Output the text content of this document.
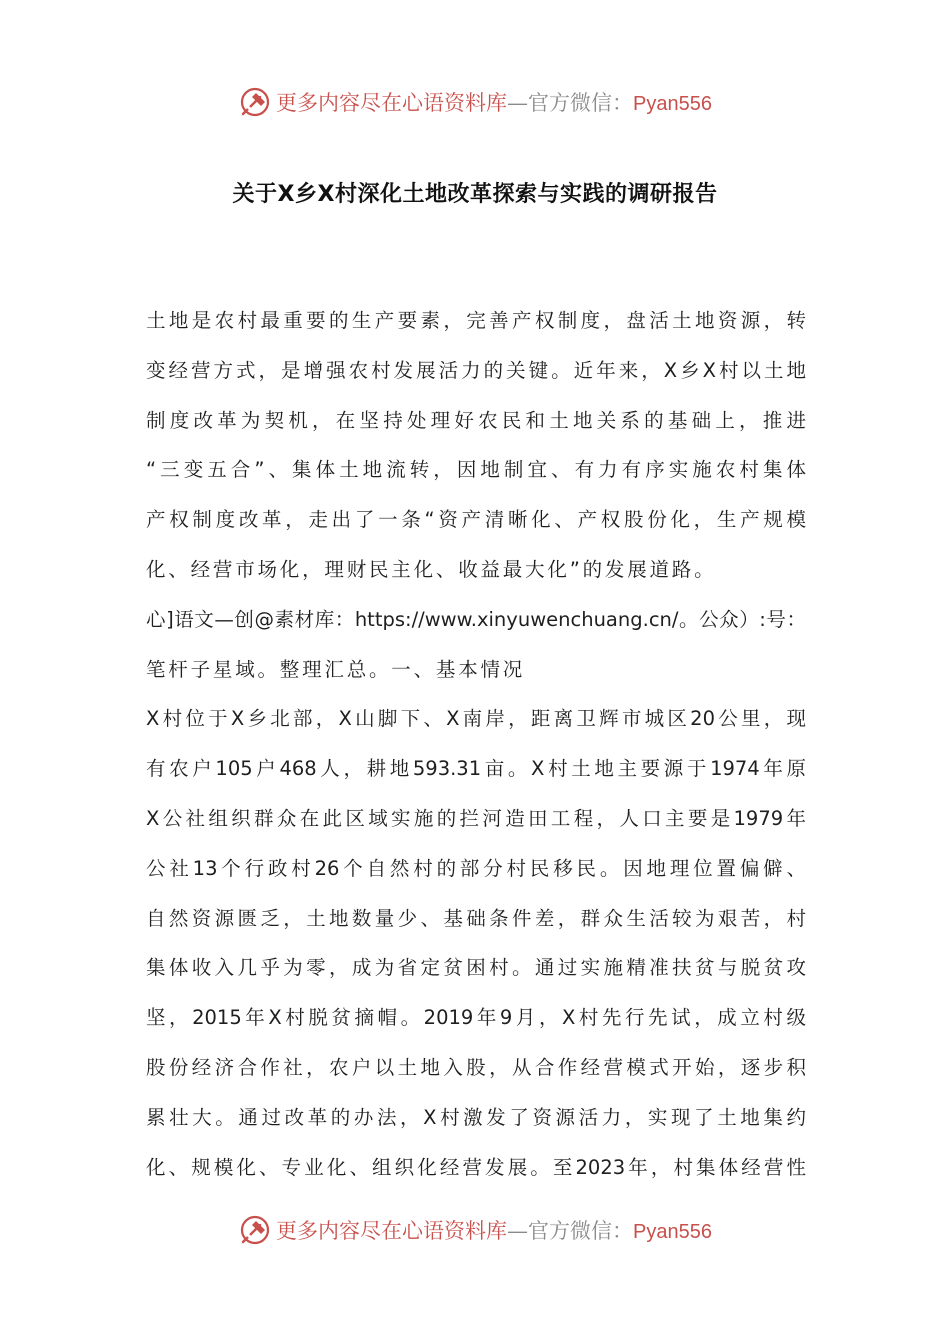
更多内容尽在心语资料库—官方微信：Pyan556
关于X乡X村深化土地改革探索与实践的调研报告
土地是农村最重要的生产要素，完善产权制度，盘活土地资源，转
变经营方式，是增强农村发展活力的关键。近年来，X乡X村以土地
制度改革为契机，在坚持处理好农民和土地关系的基础上，推进
“三变五合”、集体土地流转，因地制宜、有力有序实施农村集体
产权制度改革，走出了一条“资产清晰化、产权股份化，生产规模
化、经营市场化，理财民主化、收益最大化”的发展道路。
心]语文—创@素材库：https://www.xinyuwenchuang.cn/。公众）:号：
笔杆子星域。整理汇总。一、基本情况
X村位于X乡北部，X山脚下、X南岸，距离卫辉市城区20公里，现
有农户105户468人，耕地593.31亩。X村土地主要源于1974年原
X公社组织群众在此区域实施的拦河造田工程，人口主要是1979年
公社13个行政村26个自然村的部分村民移民。因地理位置偏僻、
自然资源匮乏，土地数量少、基础条件差，群众生活较为艰苦，村
集体收入几乎为零，成为省定贫困村。通过实施精准扶贫与脱贫攻
坚，2015年X村脱贫摘帽。2019年9月，X村先行先试，成立村级
股份经济合作社，农户以土地入股，从合作经营模式开始，逐步积
累壮大。通过改革的办法，X村激发了资源活力，实现了土地集约
化、规模化、专业化、组织化经营发展。至2023年，村集体经营性
更多内容尽在心语资料库—官方微信：Pyan556
